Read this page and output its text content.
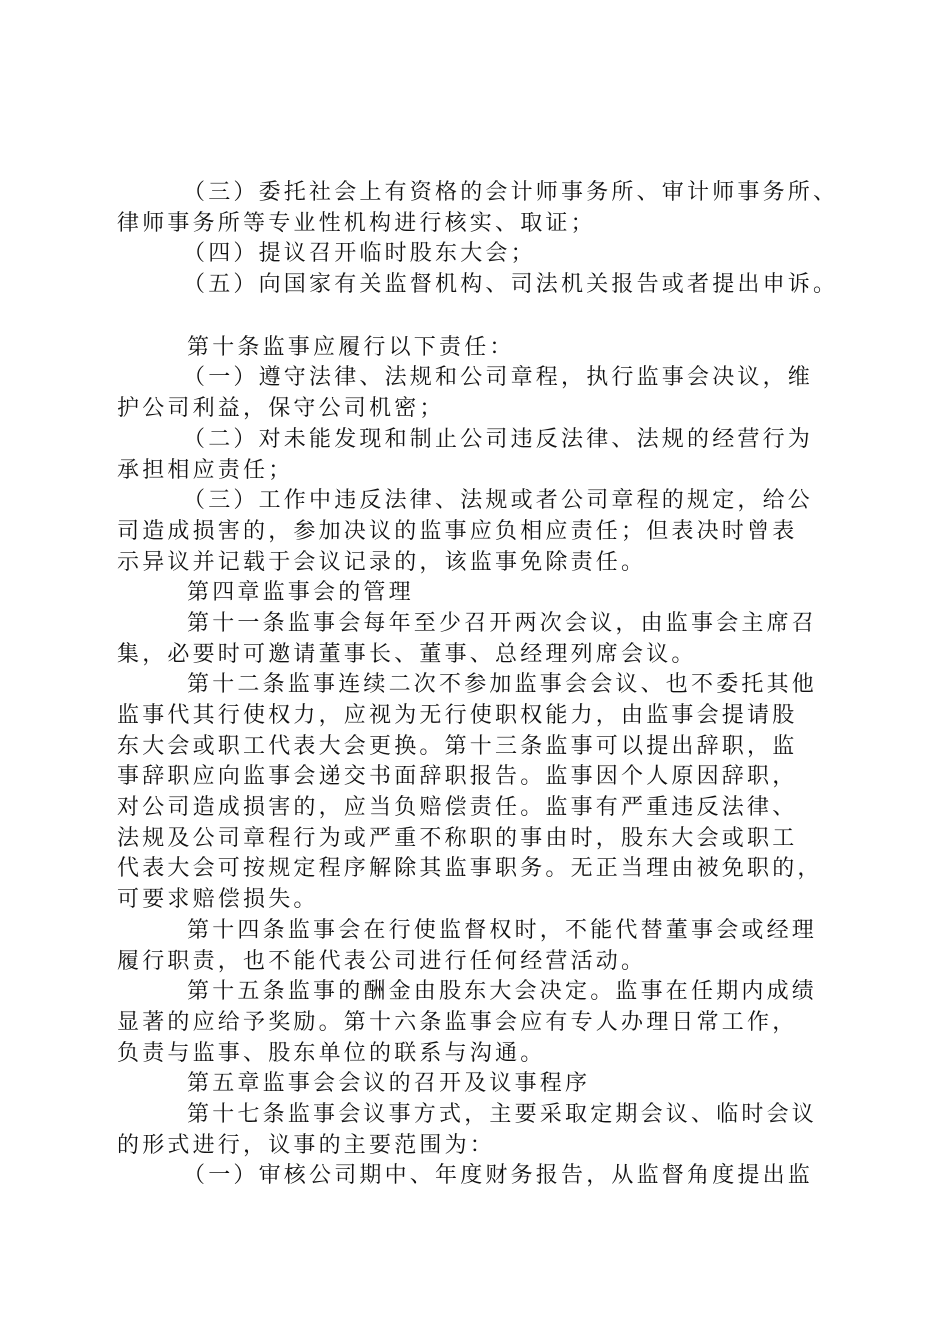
（三）委托社会上有资格的会计师事务所、审计师事务所、
律师事务所等专业性机构进行核实、取证；
（四）提议召开临时股东大会；
（五）向国家有关监督机构、司法机关报告或者提出申诉。
第十条监事应履行以下责任：
（一）遵守法律、法规和公司章程，执行监事会决议，维
护公司利益，保守公司机密；
（二）对未能发现和制止公司违反法律、法规的经营行为
承担相应责任；
（三）工作中违反法律、法规或者公司章程的规定，给公
司造成损害的，参加决议的监事应负相应责任；但表决时曾表
示异议并记载于会议记录的，该监事免除责任。
第四章监事会的管理
第十一条监事会每年至少召开两次会议，由监事会主席召
集，必要时可邀请董事长、董事、总经理列席会议。
第十二条监事连续二次不参加监事会会议、也不委托其他
监事代其行使权力，应视为无行使职权能力，由监事会提请股
东大会或职工代表大会更换。第十三条监事可以提出辞职，监
事辞职应向监事会递交书面辞职报告。监事因个人原因辞职，
对公司造成损害的，应当负赔偿责任。监事有严重违反法律、
法规及公司章程行为或严重不称职的事由时，股东大会或职工
代表大会可按规定程序解除其监事职务。无正当理由被免职的，
可要求赔偿损失。
第十四条监事会在行使监督权时，不能代替董事会或经理
履行职责，也不能代表公司进行任何经营活动。
第十五条监事的酬金由股东大会决定。监事在任期内成绩
显著的应给予奖励。第十六条监事会应有专人办理日常工作，
负责与监事、股东单位的联系与沟通。
第五章监事会会议的召开及议事程序
第十七条监事会议事方式，主要采取定期会议、临时会议
的形式进行，议事的主要范围为：
（一）审核公司期中、年度财务报告，从监督角度提出监
